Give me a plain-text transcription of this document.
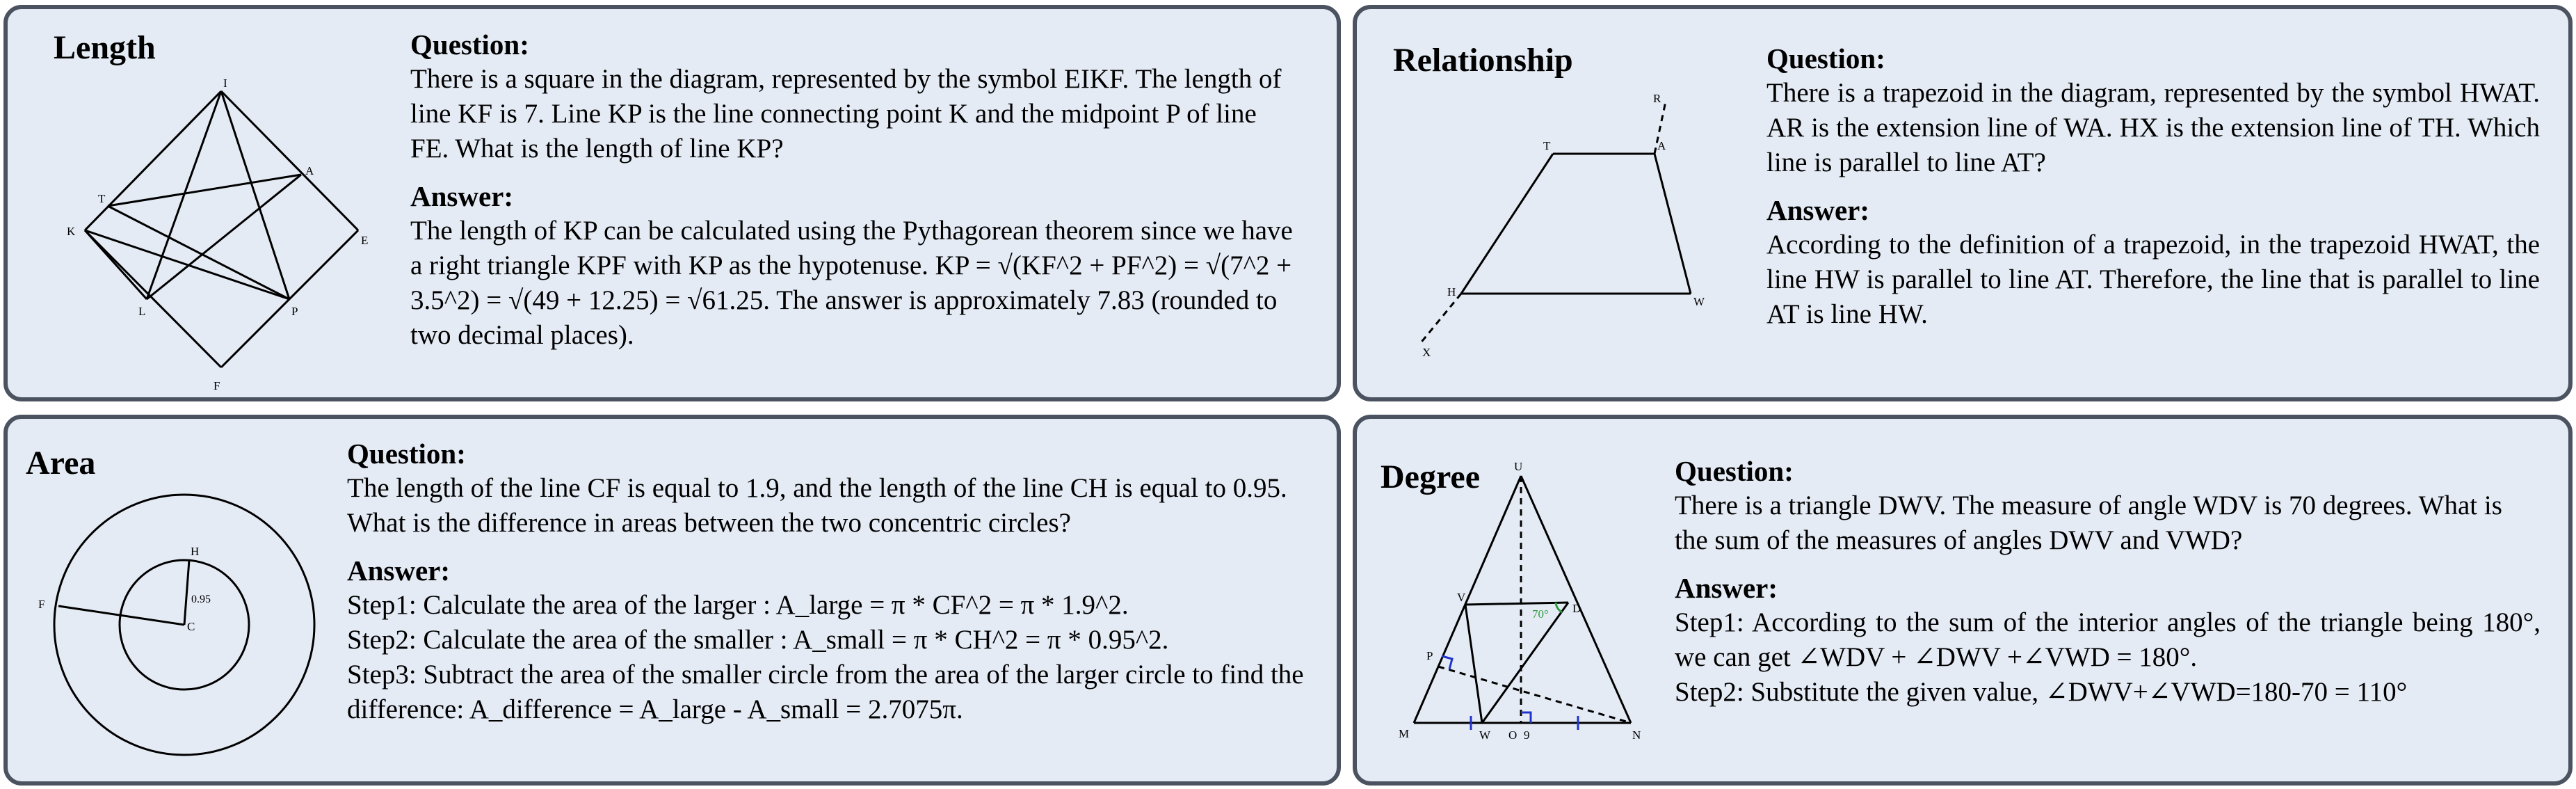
Length
I
A
T
K
E
L	P
F
Question:

There is a square in the diagram, represented by the symbol EIKF. The length of line KF is 7. Line KP is the line connecting point K and the midpoint P of line FE. What is the length of line KP?

Answer:

The length of KP can be calculated using the Pythagorean theorem since we have a right triangle KPF with KP as the hypotenuse. KP = √(KF^2 + PF^2) = √(7^2 + 3.5^2) = √(49 + 12.25) = √61.25. The answer is approximately 7.83 (rounded to two decimal places).

Relationship
R
T	A
H
W
X
Question:

There is a trapezoid in the diagram, represented by the symbol HWAT. AR is the extension line of WA. HX is the extension line of TH. Which line is parallel to line AT?

Answer:

According to the definition of a trapezoid, in the trapezoid HWAT, the line HW is parallel to line AT. Therefore, the line that is parallel to line AT is line HW.

Area
H
F
C
0.95
Question:

The length of the line CF is equal to 1.9, and the length of the line CH is equal to 0.95. What is the difference in areas between the two concentric circles?

Answer:

Step1: Calculate the area of the larger : A_large = π * CF^2 = π * 1.9^2.

Step2: Calculate the area of the smaller : A_small = π * CH^2 = π * 0.95^2.

Step3: Subtract the area of the smaller circle from the area of the larger circle to find the difference: A_difference = A_large - A_small = 2.7075π.

Degree	U
V
D
P
M	W O	N
9
70°
Question:

There is a triangle DWV. The measure of angle WDV is 70 degrees. What is the sum of the measures of angles DWV and VWD?

Answer:

Step1: According to the sum of the interior angles of the triangle being 180°, we can get ∠WDV + ∠DWV +∠VWD = 180°.

Step2: Substitute the given value, ∠DWV+∠VWD=180-70 = 110°
